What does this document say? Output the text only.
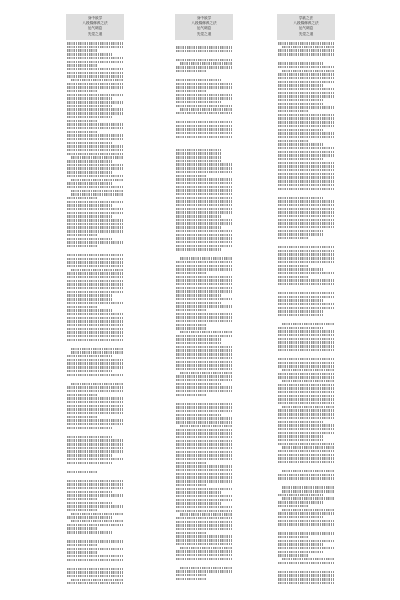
身中欲学
八段锦修养之法
运气调息
先觉之道
身中欲学
八段锦修养之法
运气调息
先觉之道
学欲之法
八段锦修养之法
运气调息
先觉之道
